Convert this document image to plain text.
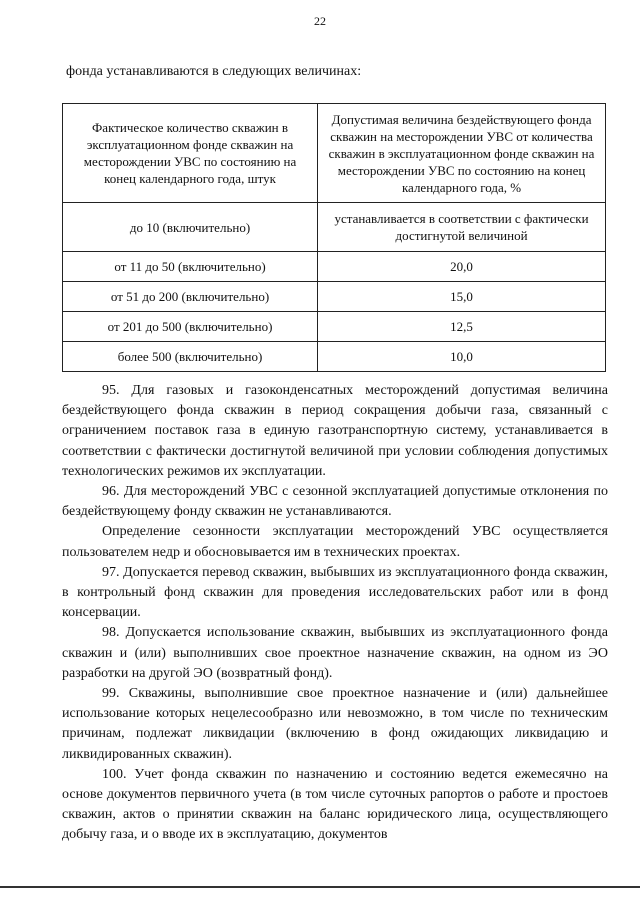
22
фонда устанавливаются в следующих величинах:
Фактическое количество скважин в эксплуатационном фонде скважин на месторождении УВС по состоянию на конец календарного года, штук	Допустимая величина бездействующего фонда скважин на месторождении УВС от количества скважин в эксплуатационном фонде скважин на месторождении УВС по состоянию на конец календарного года, %
до 10 (включительно)	устанавливается в соответствии с фактически достигнутой величиной
от 11 до 50 (включительно)	20,0
от 51 до 200 (включительно)	15,0
от 201 до 500 (включительно)	12,5
более 500 (включительно)	10,0

95. Для газовых и газоконденсатных месторождений допустимая величина бездействующего фонда скважин в период сокращения добычи газа, связанный с ограничением поставок газа в единую газотранспортную систему, устанавливается в соответствии с фактически достигнутой величиной при условии соблюдения допустимых технологических режимов их эксплуатации.

96. Для месторождений УВС с сезонной эксплуатацией допустимые отклонения по бездействующему фонду скважин не устанавливаются.

Определение сезонности эксплуатации месторождений УВС осуществляется пользователем недр и обосновывается им в технических проектах.

97. Допускается перевод скважин, выбывших из эксплуатационного фонда скважин, в контрольный фонд скважин для проведения исследовательских работ или в фонд консервации.

98. Допускается использование скважин, выбывших из эксплуатационного фонда скважин и (или) выполнивших свое проектное назначение скважин, на одном из ЭО разработки на другой ЭО (возвратный фонд).

99. Скважины, выполнившие свое проектное назначение и (или) дальнейшее использование которых нецелесообразно или невозможно, в том числе по техническим причинам, подлежат ликвидации (включению в фонд ожидающих ликвидацию и ликвидированных скважин).

100. Учет фонда скважин по назначению и состоянию ведется ежемесячно на основе документов первичного учета (в том числе суточных рапортов о работе и простоев скважин, актов о принятии скважин на баланс юридического лица, осуществляющего добычу газа, и о вводе их в эксплуатацию, документов
